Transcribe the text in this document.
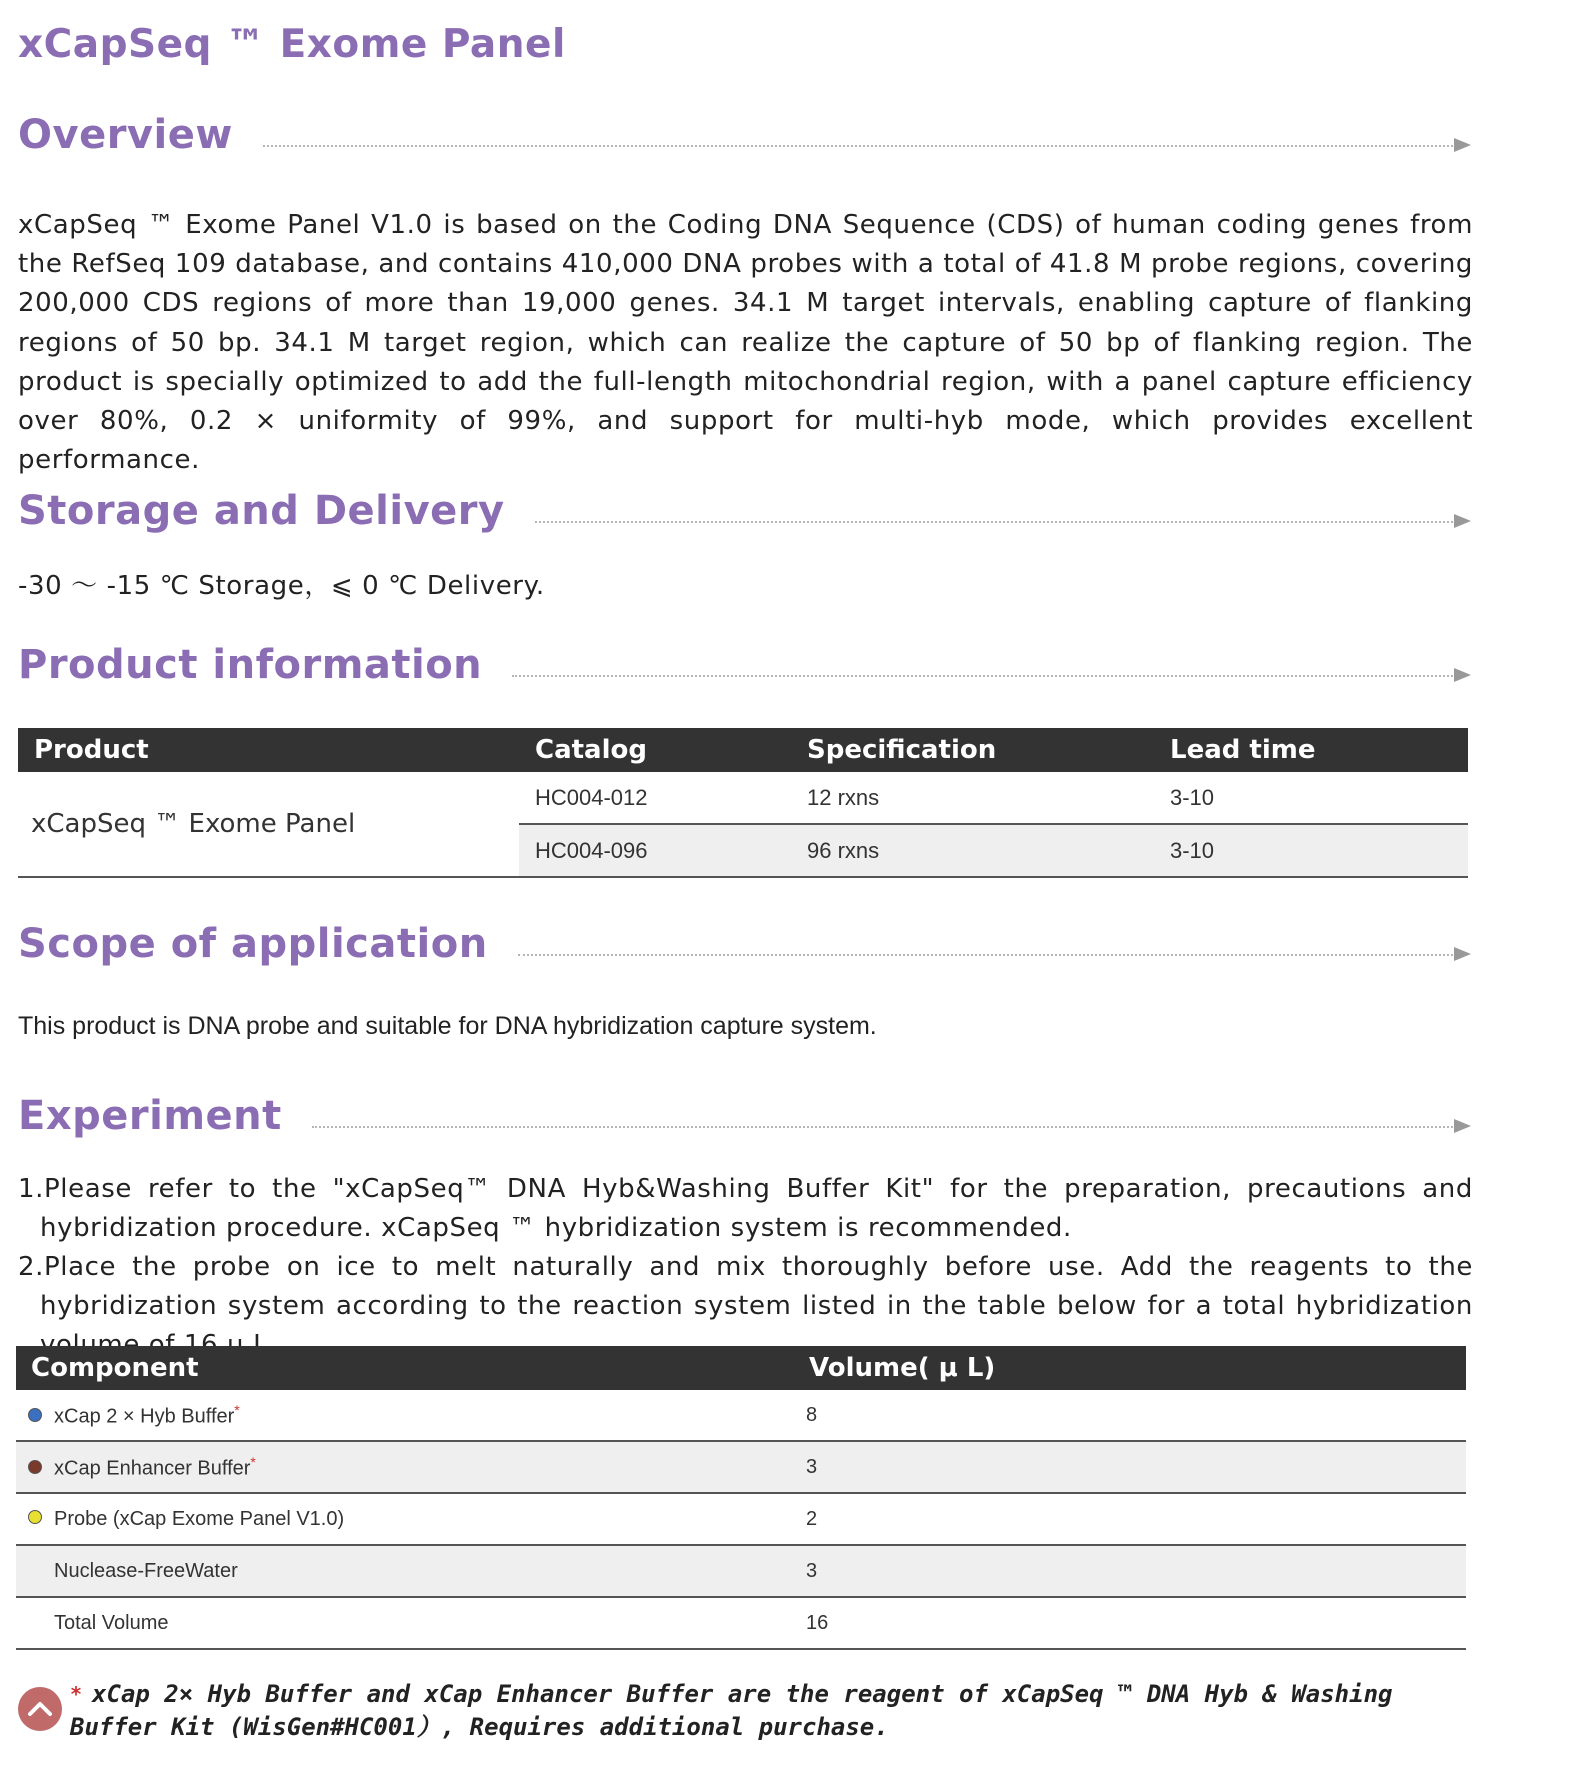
xCapSeq ™ Exome Panel
Overview

xCapSeq ™ Exome Panel V1.0 is based on the Coding DNA Sequence (CDS) of human coding genes from the RefSeq 109 database, and contains 410,000 DNA probes with a total of 41.8 M probe regions, covering 200,000 CDS regions of more than 19,000 genes. 34.1 M target intervals, enabling capture of flanking regions of 50 bp. 34.1 M target region, which can realize the capture of 50 bp of flanking region. The product is specially optimized to add the full-length mitochondrial region, with a panel capture efficiency over 80%, 0.2 × uniformity of 99%, and support for multi-hyb mode, which provides excellent performance.

Storage and Delivery

-30 ～ -15 ℃ Storage，⩽ 0 ℃ Delivery.

Product information
Product	Catalog	Specification	Lead time
xCapSeq ™ Exome Panel	HC004-012	12 rxns	3-10
	HC004-096	96 rxns	3-10
Scope of application

This product is DNA probe and suitable for DNA hybridization capture system.

Experiment

1.Please refer to the "xCapSeq™ DNA Hyb&Washing Buffer Kit" for the preparation, precautions and hybridization procedure. xCapSeq ™ hybridization system is recommended.

2.Place the probe on ice to melt naturally and mix thoroughly before use. Add the reagents to the hybridization system according to the reaction system listed in the table below for a total hybridization

Component	Volume( μ L)
xCap 2 × Hyb Buffer*	8
xCap Enhancer Buffer*	3
Probe (xCap Exome Panel V1.0)	2
Nuclease-FreeWater	3
Total Volume	16

* xCap 2× Hyb Buffer and xCap Enhancer Buffer are the reagent of xCapSeq ™ DNA Hyb & Washing Buffer Kit (WisGen#HC001）, Requires additional purchase.
